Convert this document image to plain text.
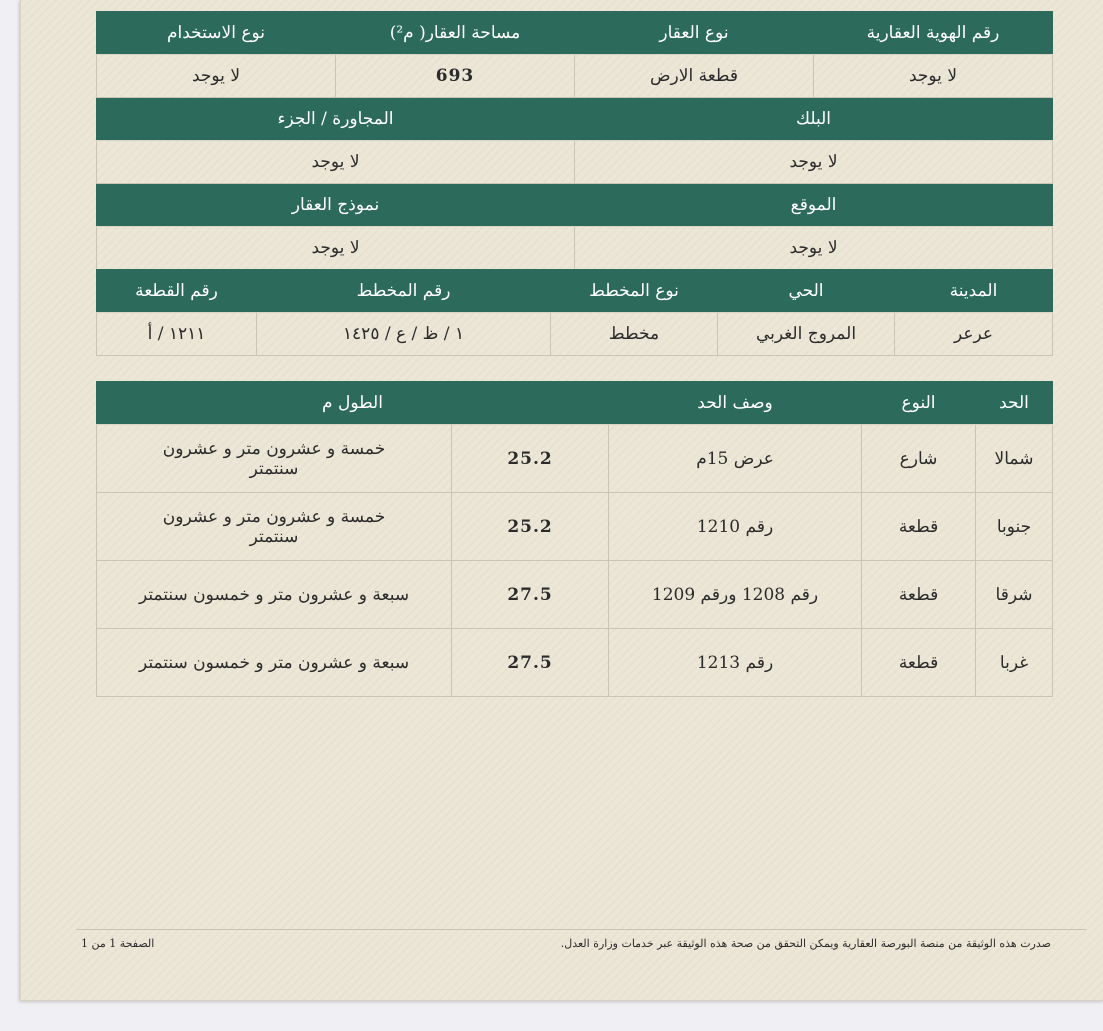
رقم الهوية العقارية	نوع العقار	مساحة العقار( م²)	نوع الاستخدام
لا يوجد	قطعة الارض	693	لا يوجد
البلك		المجاورة / الجزء	
لا يوجد		لا يوجد	
الموقع		نموذج العقار	
لا يوجد		لا يوجد	
المدينة	الحي	نوع المخطط	رقم المخطط	رقم القطعة
عرعر	المروج الغربي	مخطط	١ / ظ / ع / ١٤٢٥	١٢١١ / أ
الحد	النوع	وصف الحد	الطول م	
شمالا	شارع	عرض 15م	25.2	خمسة و عشرون متر و عشرون سنتمتر
جنوبا	قطعة	رقم 1210	25.2	خمسة و عشرون متر و عشرون سنتمتر
شرقا	قطعة	رقم 1208 ورقم 1209	27.5	سبعة و عشرون متر و خمسون سنتمتر
غربا	قطعة	رقم 1213	27.5	سبعة و عشرون متر و خمسون سنتمتر
صدرت هذه الوثيقة من منصة البورصة العقارية ويمكن التحقق من صحة هذه الوثيقة عبر خدمات وزارة العدل.
الصفحة 1 من 1
